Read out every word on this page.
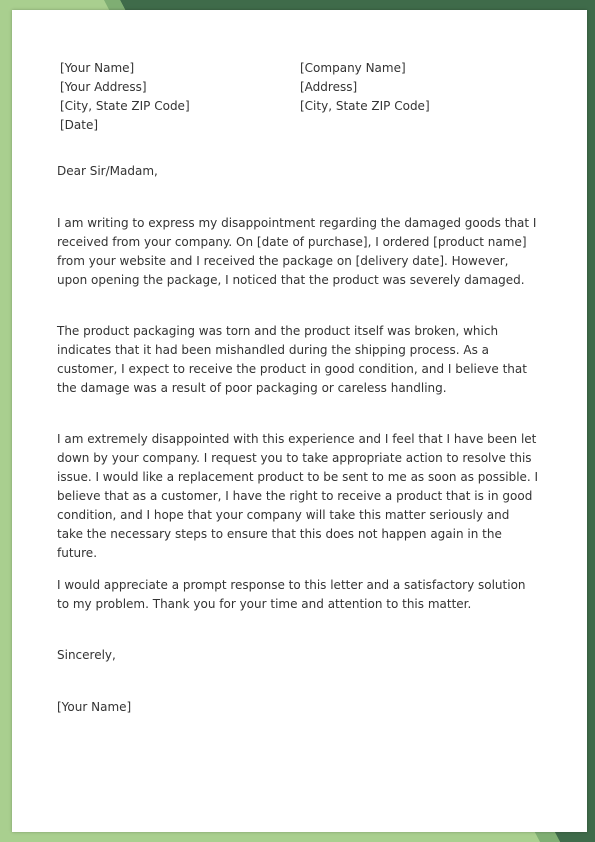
[Your Name]
[Your Address]
[City, State ZIP Code]
[Date]
[Company Name]
[Address]
[City, State ZIP Code]
Dear Sir/Madam,

I am writing to express my disappointment regarding the damaged goods that I received from your company. On [date of purchase], I ordered [product name] from your website and I received the package on [delivery date]. However, upon opening the package, I noticed that the product was severely damaged.

The product packaging was torn and the product itself was broken, which indicates that it had been mishandled during the shipping process. As a customer, I expect to receive the product in good condition, and I believe that the damage was a result of poor packaging or careless handling.

I am extremely disappointed with this experience and I feel that I have been let down by your company. I request you to take appropriate action to resolve this issue. I would like a replacement product to be sent to me as soon as possible. I believe that as a customer, I have the right to receive a product that is in good condition, and I hope that your company will take this matter seriously and take the necessary steps to ensure that this does not happen again in the future.

I would appreciate a prompt response to this letter and a satisfactory solution to my problem. Thank you for your time and attention to this matter.

Sincerely,
[Your Name]
